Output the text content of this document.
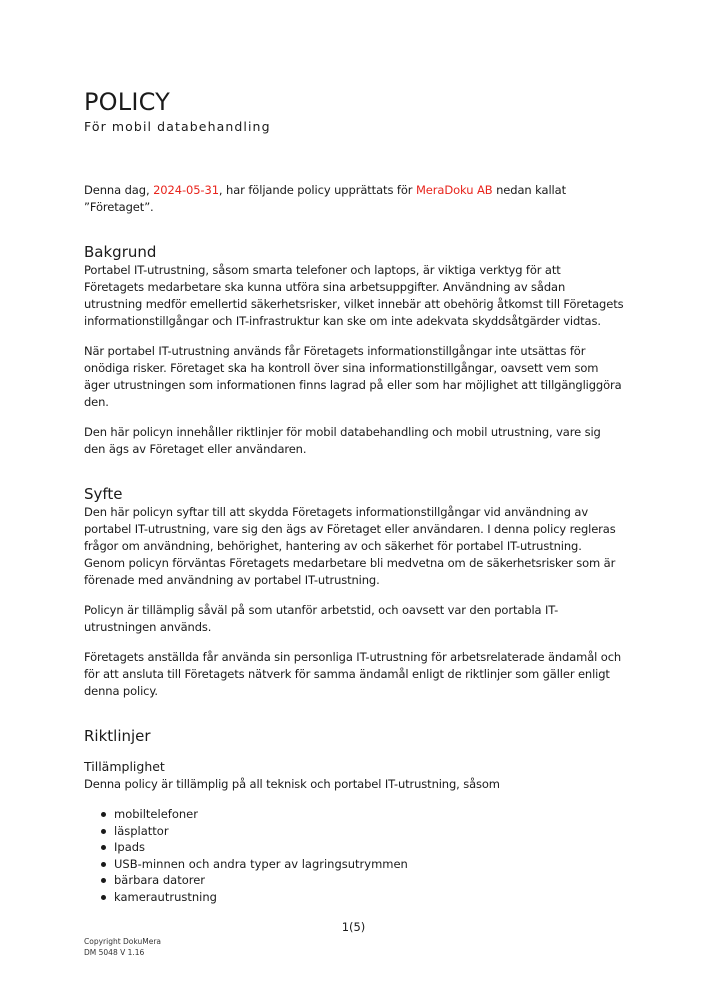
POLICY
För mobil databehandling
Denna dag, 2024-05-31, har följande policy upprättats för MeraDoku AB nedan kallat ”Företaget”.
Bakgrund

Portabel IT-utrustning, såsom smarta telefoner och laptops, är viktiga verktyg för att Företagets medarbetare ska kunna utföra sina arbetsuppgifter. Användning av sådan utrustning medför emellertid säkerhetsrisker, vilket innebär att obehörig åtkomst till Företagets informationstillgångar och IT-infrastruktur kan ske om inte adekvata skyddsåtgärder vidtas.

När portabel IT-utrustning används får Företagets informationstillgångar inte utsättas för onödiga risker. Företaget ska ha kontroll över sina informationstillgångar, oavsett vem som äger utrustningen som informationen finns lagrad på eller som har möjlighet att tillgängliggöra den.

Den här policyn innehåller riktlinjer för mobil databehandling och mobil utrustning, vare sig den ägs av Företaget eller användaren.

Syfte

Den här policyn syftar till att skydda Företagets informationstillgångar vid användning av portabel IT-utrustning, vare sig den ägs av Företaget eller användaren. I denna policy regleras frågor om användning, behörighet, hantering av och säkerhet för portabel IT-utrustning. Genom policyn förväntas Företagets medarbetare bli medvetna om de säkerhetsrisker som är förenade med användning av portabel IT-utrustning.

Policyn är tillämplig såväl på som utanför arbetstid, och oavsett var den portabla IT-utrustningen används.

Företagets anställda får använda sin personliga IT-utrustning för arbetsrelaterade ändamål och för att ansluta till Företagets nätverk för samma ändamål enligt de riktlinjer som gäller enligt denna policy.

Riktlinjer
Tillämplighet

Denna policy är tillämplig på all teknisk och portabel IT-utrustning, såsom

mobiltelefoner
läsplattor
Ipads
USB-minnen och andra typer av lagringsutrymmen
bärbara datorer
kamerautrustning
1(5)
Copyright DokuMera
DM 5048 V 1.16
